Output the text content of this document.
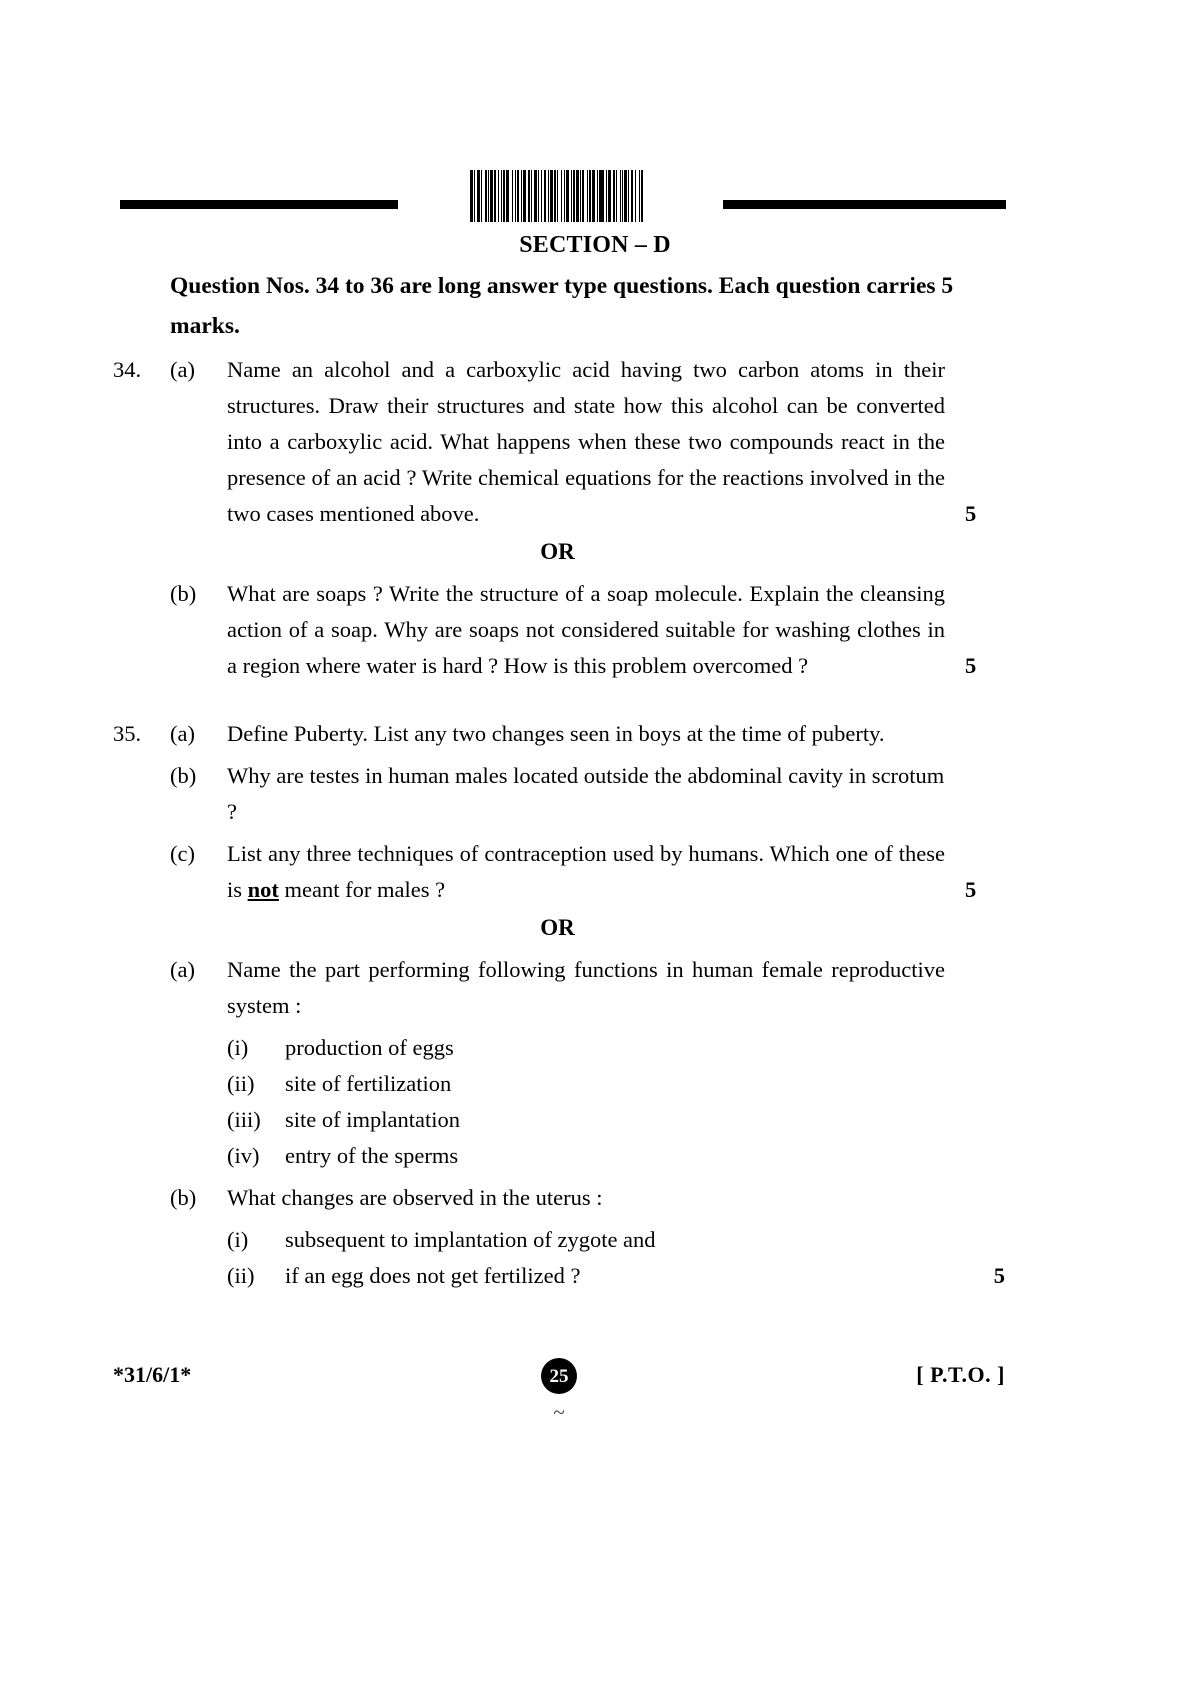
SECTION – D
Question Nos. 34 to 36 are long answer type questions. Each question carries 5 marks.
34.	(a)	Name an alcohol and a carboxylic acid having two carbon atoms in their structures. Draw their structures and state how this alcohol can be converted into a carboxylic acid. What happens when these two compounds react in the presence of an acid ? Write chemical equations for the reactions involved in the two cases mentioned above.	5
OR
(b)	What are soaps ? Write the structure of a soap molecule. Explain the cleansing action of a soap. Why are soaps not considered suitable for washing clothes in a region where water is hard ? How is this problem overcomed ?	5
35.	(a)	Define Puberty. List any two changes seen in boys at the time of puberty.
(b)	Why are testes in human males located outside the abdominal cavity in scrotum ?
(c)	List any three techniques of contraception used by humans. Which one of these is not meant for males ?	5
OR
(a)	Name the part performing following functions in human female reproductive system :
(i)	production of eggs
(ii)	site of fertilization
(iii)	site of implantation
(iv)	entry of the sperms
(b)	What changes are observed in the uterus :
(i)	subsequent to implantation of zygote and
(ii)	if an egg does not get fertilized ?	5
*31/6/1*	25
~
[ P.T.O. ]
